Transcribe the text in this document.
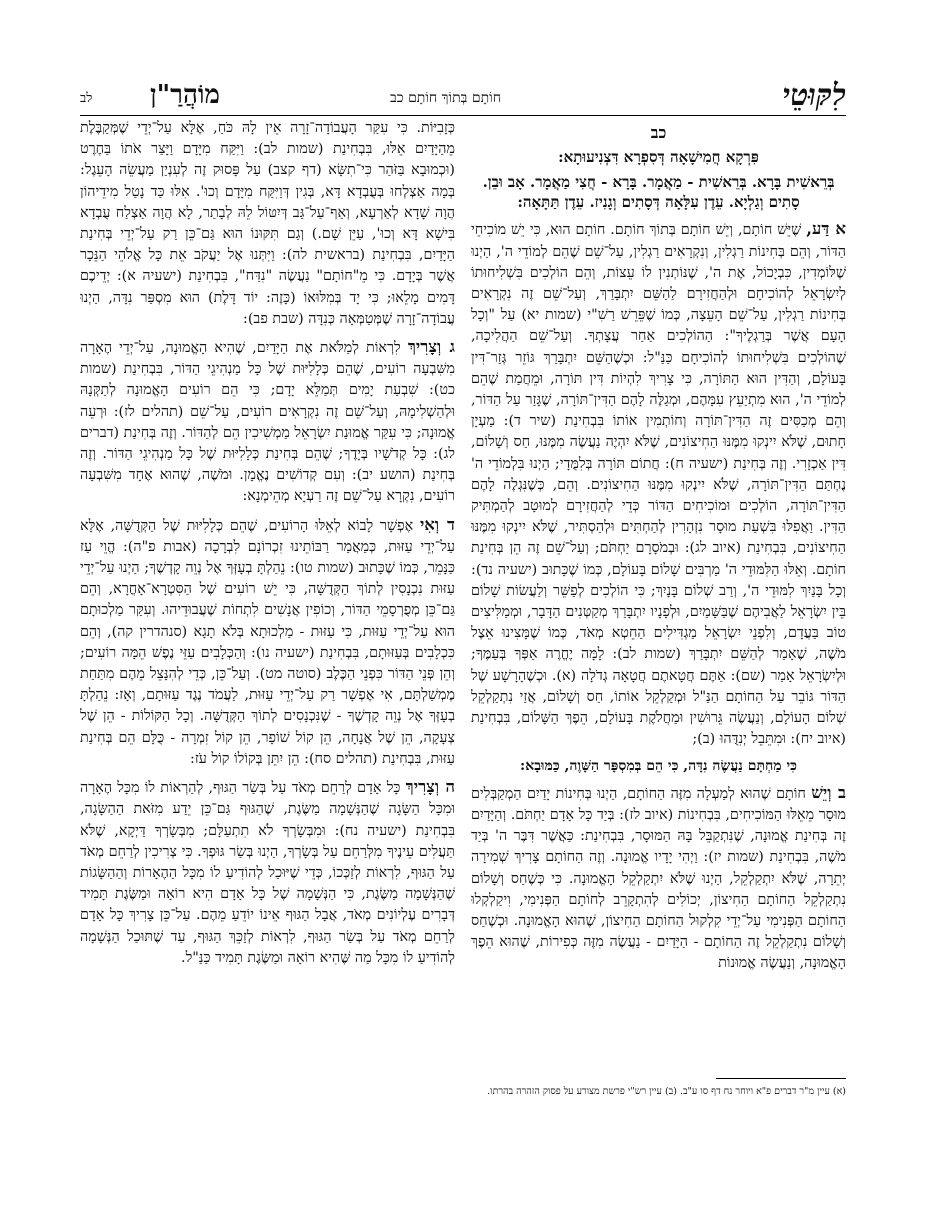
לִקּוּטֵי
חוֹתָם בְּתוֹךְ חוֹתָם כב
מוֹהֲרַ"ן
לב
כב
פִּרְקָא חֲמִישָׁאָה דְּסִפְרָא דִּצְנִיעוּתָא:
בְּרֵאשִׁית בָּרָא. בְּרֵאשִׁית - מַאֲמָר. בָּרָא - חֲצִי מַאֲמָר. אָב וּבֵן. סָתִים וְגַלְיָא. עֵדֶן עִלָּאָה דְּסָתִים וְגָנִיז. עֵדֶן תַּתָּאָה:

א דַּע, שֶׁיֵּשׁ חוֹתָם, וְיֵשׁ חוֹתָם בְּתוֹךְ חוֹתָם. חוֹתָם הוּא, כִּי יֵשׁ מוֹכִיחֵי הַדּוֹר, וְהֵם בְּחִינוֹת רַגְלִין, וְנִקְרָאִים רַגְלִין, עַל־שֵׁם שֶׁהֵם לְמוֹדֵי ה', הַיְנוּ שֶׁלּוֹמְדִין, כִּבְיָכוֹל, אֶת ה', שֶׁנּוֹתְנִין לוֹ עֵצוֹת, וְהֵם הוֹלְכִים בִּשְׁלִיחוּתוֹ לְיִשְׂרָאֵל לְהוֹכִיחָם וּלְהַחֲזִירָם לַהַשֵּׁם יִתְבָּרַךְ, וְעַל־שֵׁם זֶה נִקְרָאִים בְּחִינוֹת רַגְלִין, עַל־שֵׁם הָעֵצָה, כְּמוֹ שֶׁפֵּרֵשׁ רַשִׁ"י (שמות יא) עַל "וְכָל הָעָם אֲשֶׁר בְּרַגְלֶיךָ": הַהוֹלְכִים אַחַר עֲצָתְךָ. וְעַל־שֵׁם הַהֲלִיכָה, שֶׁהוֹלְכִים בִּשְׁלִיחוּתוֹ לְהוֹכִיחָם כַּנַּ"ל: וּכְשֶׁהַשֵּׁם יִתְבָּרַךְ גּוֹזֵר גְּזַר־דִּין בָּעוֹלָם, וְהַדִּין הוּא הַתּוֹרָה, כִּי צָרִיךְ לִהְיוֹת דִּין תּוֹרָה, וּמֵחֲמַת שֶׁהֵם לְמוֹדֵי ה', הוּא מִתְיַעֵץ עִמָּהֶם, וּמְגַלֶּה לָהֶם הַדִּין־תּוֹרָה, שֶׁגָּזַר עַל הַדּוֹר, וְהֵם מְכַסִּים זֶה הַדִּין־תּוֹרָה וְחוֹתְמִין אוֹתוֹ בִּבְחִינַת (שיר ד): מַעְיָן חָתוּם, שֶׁלֹּא יִינְקוּ מִמֶּנּוּ הַחִיצוֹנִים, שֶׁלֹּא יִהְיֶה נַעֲשֶׂה מִמֶּנּוּ, חַס וְשָׁלוֹם, דִּין אַכְזָרִי. וְזֶה בְּחִינַת (ישעיה ח): חֲתוֹם תּוֹרָה בְּלִמֻּדָי; הַיְנוּ בִּלְמוֹדֵי ה' נֶחְתַּם הַדִּין־תּוֹרָה, שֶׁלֹּא יִינְקוּ מִמֶּנּוּ הַחִיצוֹנִים. וְהֵם, כְּשֶׁנִּגְלֶה לָהֶם הַדִּין־תּוֹרָה, הוֹלְכִים וּמוֹכִיחִים הַדּוֹר כְּדֵי לְהַחֲזִירָם לְמוּטָב לְהַמְתִּיק הַדִּין. וַאֲפִלּוּ בִּשְׁעַת מוּסָר נִזְהָרִין לְהַחְתִּים וּלְהַסְתִּיר, שֶׁלֹּא יִינְקוּ מִמֶּנּוּ הַחִיצוֹנִים, בִּבְחִינַת (איוב לג): וּבְמֹסָרָם יַחְתֹּם; וְעַל־שֵׁם זֶה הֵן בְּחִינַת חוֹתָם. וְאֵלּוּ הַלִּמּוּדֵי ה' מַרְבִּים שָׁלוֹם בָּעוֹלָם, כְּמוֹ שֶׁכָּתוּב (ישעיה נד): וְכָל בָּנַיִךְ לִמּוּדֵי ה', וְרַב שְׁלוֹם בָּנָיִךְ; כִּי הוֹלְכִים לְפַשֵּׁר וְלַעֲשׂוֹת שָׁלוֹם בֵּין יִשְׂרָאֵל לַאֲבִיהֶם שֶׁבַּשָּׁמַיִם, וּלְפָנָיו יִתְבָּרַךְ מְקַטְּנִים הַדָּבָר, וּמְמַלִּיצִים טוֹב בַּעֲדָם, וְלִפְנֵי יִשְׂרָאֵל מַגְדִּילִים הַחֵטְא מְאֹד, כְּמוֹ שֶׁמָּצִינוּ אֵצֶל מֹשֶׁה, שֶׁאָמַר לְהַשֵּׁם יִתְבָּרַךְ (שמות לב): לָמָּה יֶחֱרֶה אַפְּךָ בְּעַמֶּךָ; וּלְיִשְׂרָאֵל אָמַר (שם): אַתֶּם חֲטָאתֶם חֲטָאָה גְדֹלָה (א). וּכְשֶׁהָרָשָׁע שֶׁל הַדּוֹר גּוֹבֵר עַל הַחוֹתָם הַנַּ"ל וּמְקַלְקֵל אוֹתוֹ, חַס וְשָׁלוֹם, אֲזַי נִתְקַלְקֵל שְׁלוֹם הָעוֹלָם, וְנַעֲשֶׂה גֵּרוּשִׁין וּמַחֲלֹקֶת בָּעוֹלָם, הֵפֶךְ הַשָּׁלוֹם, בִּבְחִינַת (איוב יח): וּמִתֵּבֵל יְנִדֻּהוּ (ב);

כִּי מַחְתָּם נַעֲשֶׂה נִדָּה, כִּי הֵם בְּמִסְפָּר הַשָּׁוֶה, כַּמּוּבָא:

ב וְיֵשׁ חוֹתָם שֶׁהוּא לְמַעְלָה מִזֶּה הַחוֹתָם, הַיְנוּ בְּחִינוֹת יָדַיִם הַמְקַבְּלִים מוּסָר מֵאֵלּוּ הַמּוֹכִיחִים, בִּבְחִינוֹת (איוב לז): בְּיַד כָּל אָדָם יַחְתֹּם. וְהַיָּדַיִם זֶה בְּחִינַת אֱמוּנָה, שֶׁנִּתְקַבֵּל בָּהּ הַמּוּסָר, בִּבְחִינַת: כַּאֲשֶׁר דִּבֶּר ה' בְּיַד מֹשֶׁה, בִּבְחִינַת (שמות יז): וַיְהִי יָדָיו אֱמוּנָה. וְזֶה הַחוֹתָם צָרִיךְ שְׁמִירָה יְתֵרָה, שֶׁלֹּא יִתְקַלְקֵל, הַיְנוּ שֶׁלֹּא יִתְקַלְקֵל הָאֱמוּנָה. כִּי כְּשֶׁחַס וְשָׁלוֹם נִתְקַלְקֵל הַחוֹתָם הַחִיצוֹן, יְכוֹלִים לְהִתְקָרֵב לְחוֹתָם הַפְּנִימִי, וִיקַלְקְלוּ הַחוֹתָם הַפְּנִימִי עַל־יְדֵי קִלְקוּל הַחוֹתָם הַחִיצוֹן, שֶׁהוּא הָאֱמוּנָה. וּכְשֶׁחַס וְשָׁלוֹם נִתְקַלְקֵל זֶה הַחוֹתָם - הַיָּדַיִם - נַעֲשֶׂה מִזֶּה כְּפִירוֹת, שֶׁהוּא הֵפֶךְ הָאֱמוּנָה, וְנַעֲשֶׂה אֱמוּנוֹת

כְּזָבִיּוֹת. כִּי עִקַּר הָעֲבוֹדָה־זָרָה אֵין לָהּ כֹּחַ, אֶלָּא עַל־יְדֵי שֶׁמְּקַבֶּלֶת מֵהַיָּדַיִם אֵלּוּ, בִּבְחִינַת (שמות לב): וַיִּקַּח מִיָּדָם וַיָּצַר אֹתוֹ בַּחֶרֶט (וּכְמוּבָא בַּזֹּהַר כִּי־תִשָּׂא (דף קצב) עַל פָּסוּק זֶה לְעִנְיַן מַעֲשֵׂה הָעֵגֶל: בְּמָה אַצְלְחוּ בְּעֻבְדָא דָּא, בְּגִין דְּוַיִּקַּח מִיָּדָם וְכוּ'. אִלּוּ כַּד נָטַל מִידֵיהוֹן הֲוָה שָׁדָא לְאַרְעָא, וְאַף־עַל־גַּב דְּיִטּוֹל לֵהּ לְבָתַר, לָא הֲוָה אַצְלַח עֻבְדָא בִּישָׁא דָּא וְכוּ', עַיֵּן שָׁם.) וְגַם תִּקּוּנוֹ הוּא גַּם־כֵּן רַק עַל־יְדֵי בְּחִינַת הַיָּדַיִם, בִּבְחִינַת (בראשית לה): וַיִּתְּנוּ אֶל יַעֲקֹב אֵת כָּל אֱלֹהֵי הַנֵּכָר אֲשֶׁר בְּיָדָם. כִּי מֵ"חוֹתָם" נַעֲשֶׂה "נִדַּח", בִּבְחִינַת (ישעיה א): יְדֵיכֶם דָּמִים מָלֵאוּ; כִּי יָד בְּמִלּוּאוֹ (כָּזֶה: יוֹד דָּלֶת) הוּא מִסְפַּר נִדָּה, הַיְנוּ עֲבוֹדָה־זָרָה שֶׁמְּטַמְּאָה כְּנִדָּה (שבת פב):

ג וְצָרִיךְ לִרְאוֹת לְמַלֹּאת אֶת הַיָּדַיִם, שֶׁהִיא הָאֱמוּנָה, עַל־יְדֵי הֶאָרָה מִשִּׁבְעָה רוֹעִים, שֶׁהֵם כְּלָלִיּוּת שֶׁל כָּל מַנְהִיגֵי הַדּוֹר, בִּבְחִינַת (שמות כט): שִׁבְעַת יָמִים תְּמַלֵּא יָדָם; כִּי הֵם רוֹעִים הָאֱמוּנָה לְתַקְּנָהּ וּלְהַשְׁלִימָהּ, וְעַל־שֵׁם זֶה נִקְרָאִים רוֹעִים, עַל־שֵׁם (תהלים לז): וּרְעֵה אֱמוּנָה; כִּי עִקַּר אֱמוּנַת יִשְׂרָאֵל מַמְשִׁיכִין הֵם לְהַדּוֹר. וְזֶה בְּחִינַת (דברים לג): כָּל קְדֹשָׁיו בְּיָדֶךָ; שֶׁהֵם בְּחִינַת כְּלָלִיּוּת שֶׁל כָּל מַנְהִיגֵי הַדּוֹר. וְזֶה בְּחִינַת (הושע יב): וְעִם קְדוֹשִׁים נֶאֱמָן. וּמֹשֶׁה, שֶׁהוּא אֶחָד מִשִּׁבְעָה רוֹעִים, נִקְרָא עַל־שֵׁם זֶה רַעְיָא מְהֵימְנָא:

ד וְאִי אֶפְשָׁר לָבוֹא לְאֵלּוּ הָרוֹעִים, שֶׁהֵם כְּלָלִיּוּת שֶׁל הַקְּדֻשָּׁה, אֶלָּא עַל־יְדֵי עַזּוּת, כְּמַאֲמַר רַבּוֹתֵינוּ זִכְרוֹנָם לִבְרָכָה (אבות פ"ה): הֱוֵי עַז כַּנָּמֵר, כְּמוֹ שֶׁכָּתוּב (שמות טו): נֵהַלְתָּ בְעָזְּךָ אֶל נְוֵה קָדְשֶׁךָ; הַיְנוּ עַל־יְדֵי עַזּוּת נִכְנָסִין לְתוֹךְ הַקְּדֻשָּׁה, כִּי יֵשׁ רוֹעִים שֶׁל הַסִּטְרָא־אָחֳרָא, וְהֵם גַּם־כֵּן מְפֻרְסָמֵי הַדּוֹר, וְכוֹפִין אֲנָשִׁים לִתְחוֹת שֶׁעֲבוּדֵיהוּ. וְעִקַּר מַלְכוּתָם הוּא עַל־יְדֵי עַזּוּת, כִּי עַזּוּת - מַלְכוּתָא בְּלֹא תָגָא (סנהדרין קה), וְהֵם כִּכְלָבִים בְּעַזּוּתָם, בִּבְחִינַת (ישעיה נו): וְהַכְּלָבִים עַזֵּי נֶפֶשׁ הֵמָּה רוֹעִים; וְהֵן פְּנֵי הַדּוֹר כִּפְנֵי הַכֶּלֶב (סוטה מט). וְעַל־כֵּן, כְּדֵי לְהִנָּצֵל מֵהֶם מִתַּחַת מֶמְשַׁלְתָּם, אִי אֶפְשָׁר רַק עַל־יְדֵי עַזּוּת, לַעֲמֹד נֶגֶד עַזּוּתָם, וְאָז: נֵהַלְתָּ בְעָזְּךָ אֶל נְוֵה קָדְשֶׁךָ - שֶׁנִּכְנָסִים לְתוֹךְ הַקְּדֻשָּׁה. וְכָל הַקּוֹלוֹת - הֵן שֶׁל צְעָקָה, הֵן שֶׁל אֲנָחָה, הֵן קוֹל שׁוֹפָר, הֵן קוֹל זִמְרָה - כֻּלָּם הֵם בְּחִינַת עַזּוּת, בִּבְחִינַת (תהלים סח): הֵן יִתֵּן בְּקוֹלוֹ קוֹל עֹז:

ה וְצָרִיךְ כָּל אָדָם לְרַחֵם מְאֹד עַל בְּשַׂר הַגּוּף, לְהַרְאוֹת לוֹ מִכָּל הֶאָרָה וּמִכָּל הַשָּׂגָה שֶׁהַנְּשָׁמָה מַשֶּׂגֶת, שֶׁהַגּוּף גַּם־כֵּן יֵדַע מִזֹּאת הַהַשָּׂגָה, בִּבְחִינַת (ישעיה נח): וּמִבְּשָׂרְךָ לֹא תִתְעַלָּם; מִבְּשָׂרְךָ דַּיְקָא, שֶׁלֹּא תַּעֲלִים עֵינֶיךָ מִלְּרַחֵם עַל בְּשָׂרְךָ, הַיְנוּ בְּשַׂר גּוּפְךָ. כִּי צְרִיכִין לְרַחֵם מְאֹד עַל הַגּוּף, לִרְאוֹת לְזַכְּכוֹ, כְּדֵי שֶׁיּוּכַל לְהוֹדִיעַ לוֹ מִכָּל הַהֶאָרוֹת וְהַהַשָּׂגוֹת שֶׁהַנְּשָׁמָה מַשֶּׂגֶת, כִּי הַנְּשָׁמָה שֶׁל כָּל אָדָם הִיא רוֹאָה וּמַשֶּׂגֶת תָּמִיד דְּבָרִים עֶלְיוֹנִים מְאֹד, אֲבָל הַגּוּף אֵינוֹ יוֹדֵעַ מֵהֶם. עַל־כֵּן צָרִיךְ כָּל אָדָם לְרַחֵם מְאֹד עַל בְּשַׂר הַגּוּף, לִרְאוֹת לְזַכֵּךְ הַגּוּף, עַד שֶׁתּוּכַל הַנְּשָׁמָה לְהוֹדִיעַ לוֹ מִכָּל מַה שֶּׁהִיא רוֹאָה וּמַשֶּׂגֶת תָּמִיד כַּנַּ"ל.

(א) עיין מ"ר דברים פ"א ויוחר נח דף סו ע"ב. (ב) עיין רש"י פרשת מצורע על פסוק הזהרה בהרתו.
